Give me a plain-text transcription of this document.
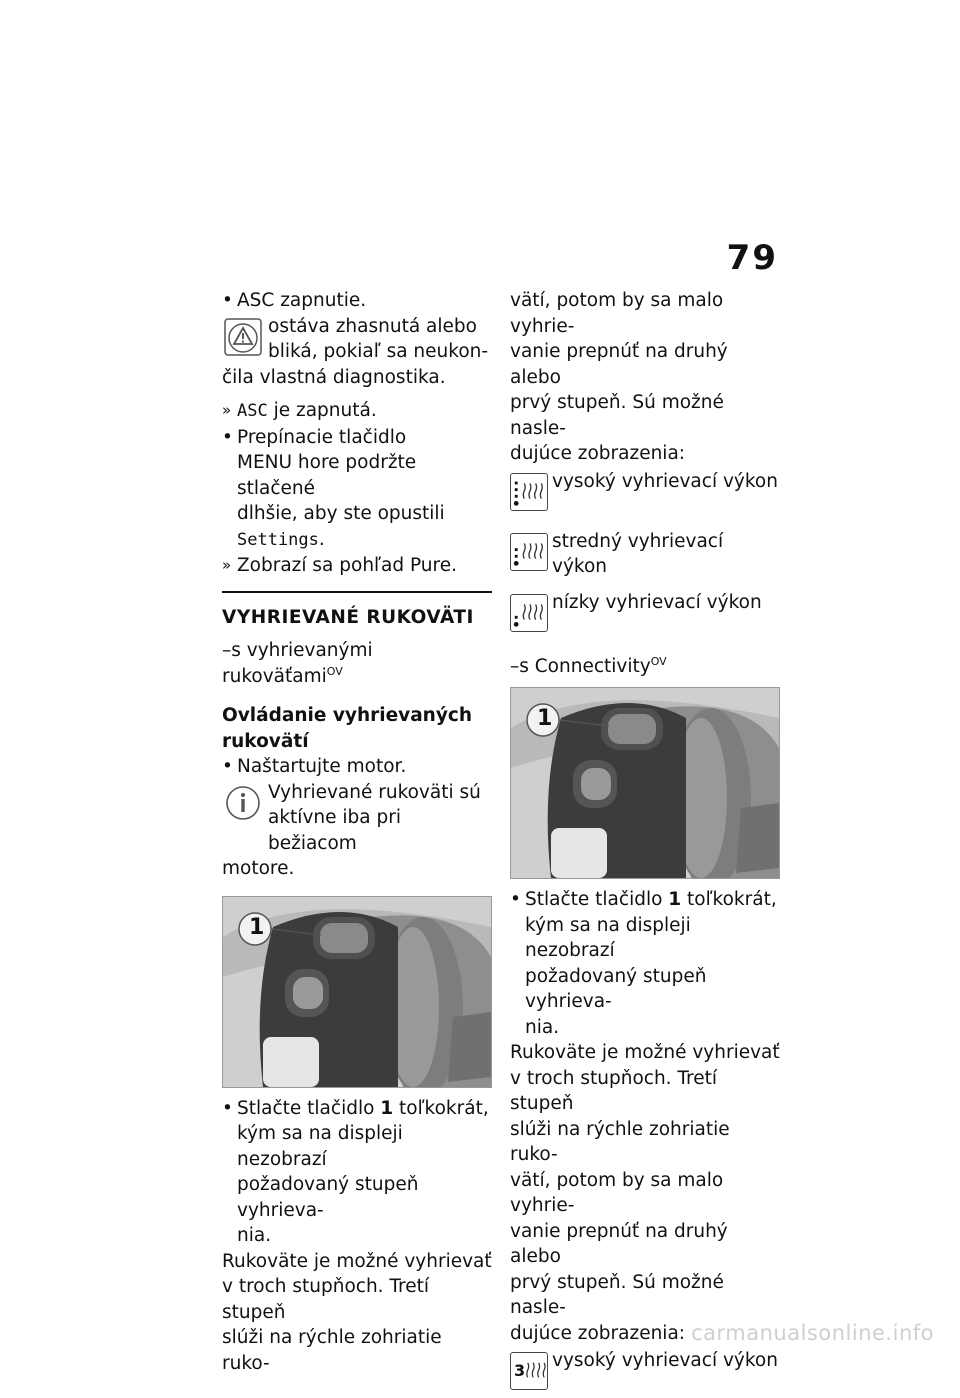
79

• ASC zapnutie.

ostáva zhasnutá alebo

bliká, pokiaľ sa neukon-

čila vlastná diagnostika.

» ASC je zapnutá.

• Prepínacie tlačidlo

MENU hore podržte stlačené

dlhšie, aby ste opustili

Settings.

» Zobrazí sa pohľad Pure.

VYHRIEVANÉ RUKOVÄTI

–s vyhrievanými rukoväťami$^{OV}$

Ovládanie vyhrievaných

rukovätí

• Naštartujte motor.

Vyhrievané rukoväti sú

aktívne iba pri bežiacom

motore.

1

• Stlačte tlačidlo 1 toľkokrát,

kým sa na displeji nezobrazí

požadovaný stupeň vyhrieva-

nia.

Rukoväte je možné vyhrievať

v troch stupňoch. Tretí stupeň

slúži na rýchle zohriatie ruko-

vätí, potom by sa malo vyhrie-

vanie prepnúť na druhý alebo

prvý stupeň. Sú možné nasle-

dujúce zobrazenia:

vysoký vyhrievací výkon

stredný vyhrievací výkon

nízky vyhrievací výkon

–s Connectivity$^{OV}$

1

• Stlačte tlačidlo 1 toľkokrát,

kým sa na displeji nezobrazí

požadovaný stupeň vyhrieva-

nia.

Rukoväte je možné vyhrievať

v troch stupňoch. Tretí stupeň

slúži na rýchle zohriatie ruko-

vätí, potom by sa malo vyhrie-

vanie prepnúť na druhý alebo

prvý stupeň. Sú možné nasle-

dujúce zobrazenia:

3	vysoký vyhrievací výkon

carmanualsonline.info
